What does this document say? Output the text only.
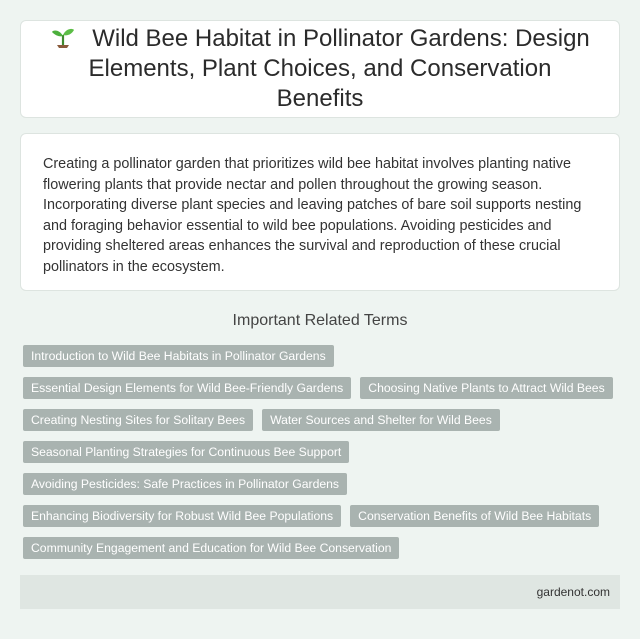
Wild Bee Habitat in Pollinator Gardens: Design Elements, Plant Choices, and Conservation Benefits

Creating a pollinator garden that prioritizes wild bee habitat involves planting native flowering plants that provide nectar and pollen throughout the growing season. Incorporating diverse plant species and leaving patches of bare soil supports nesting and foraging behavior essential to wild bee populations. Avoiding pesticides and providing sheltered areas enhances the survival and reproduction of these crucial pollinators in the ecosystem.

Important Related Terms
Introduction to Wild Bee Habitats in Pollinator Gardens
Essential Design Elements for Wild Bee-Friendly Gardens	Choosing Native Plants to Attract Wild Bees
Creating Nesting Sites for Solitary Bees	Water Sources and Shelter for Wild Bees
Seasonal Planting Strategies for Continuous Bee Support
Avoiding Pesticides: Safe Practices in Pollinator Gardens
Enhancing Biodiversity for Robust Wild Bee Populations	Conservation Benefits of Wild Bee Habitats
Community Engagement and Education for Wild Bee Conservation
gardenot.com
